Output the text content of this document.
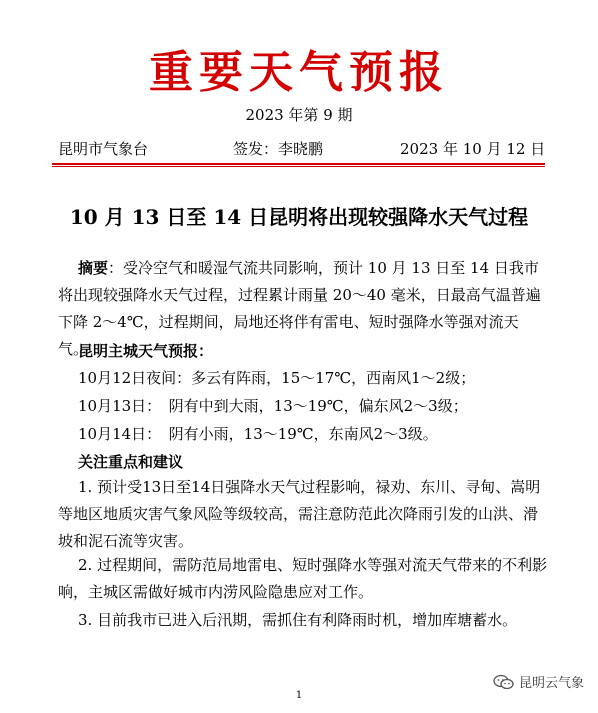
重要天气预报
2023 年第 9 期
昆明市气象台	签发：李晓鹏	2023 年 10 月 12 日
10 月 13 日至 14 日昆明将出现较强降水天气过程
摘要：受冷空气和暖湿气流共同影响，预计 10 月 13 日至 14 日我市将出现较强降水天气过程，过程累计雨量 20～40 毫米，日最高气温普遍下降 2～4℃，过程期间，局地还将伴有雷电、短时强降水等强对流天气。
昆明主城天气预报：
10月12日夜间：多云有阵雨，15～17℃，西南风1～2级；
10月13日：　阴有中到大雨，13～19℃，偏东风2～3级；
10月14日：　阴有小雨，13～19℃，东南风2～3级。
关注重点和建议
1. 预计受13日至14日强降水天气过程影响，禄劝、东川、寻甸、嵩明等地区地质灾害气象风险等级较高，需注意防范此次降雨引发的山洪、滑坡和泥石流等灾害。
2. 过程期间，需防范局地雷电、短时强降水等强对流天气带来的不利影响，主城区需做好城市内涝风险隐患应对工作。
3. 目前我市已进入后汛期，需抓住有利降雨时机，增加库塘蓄水。
1
昆明云气象
